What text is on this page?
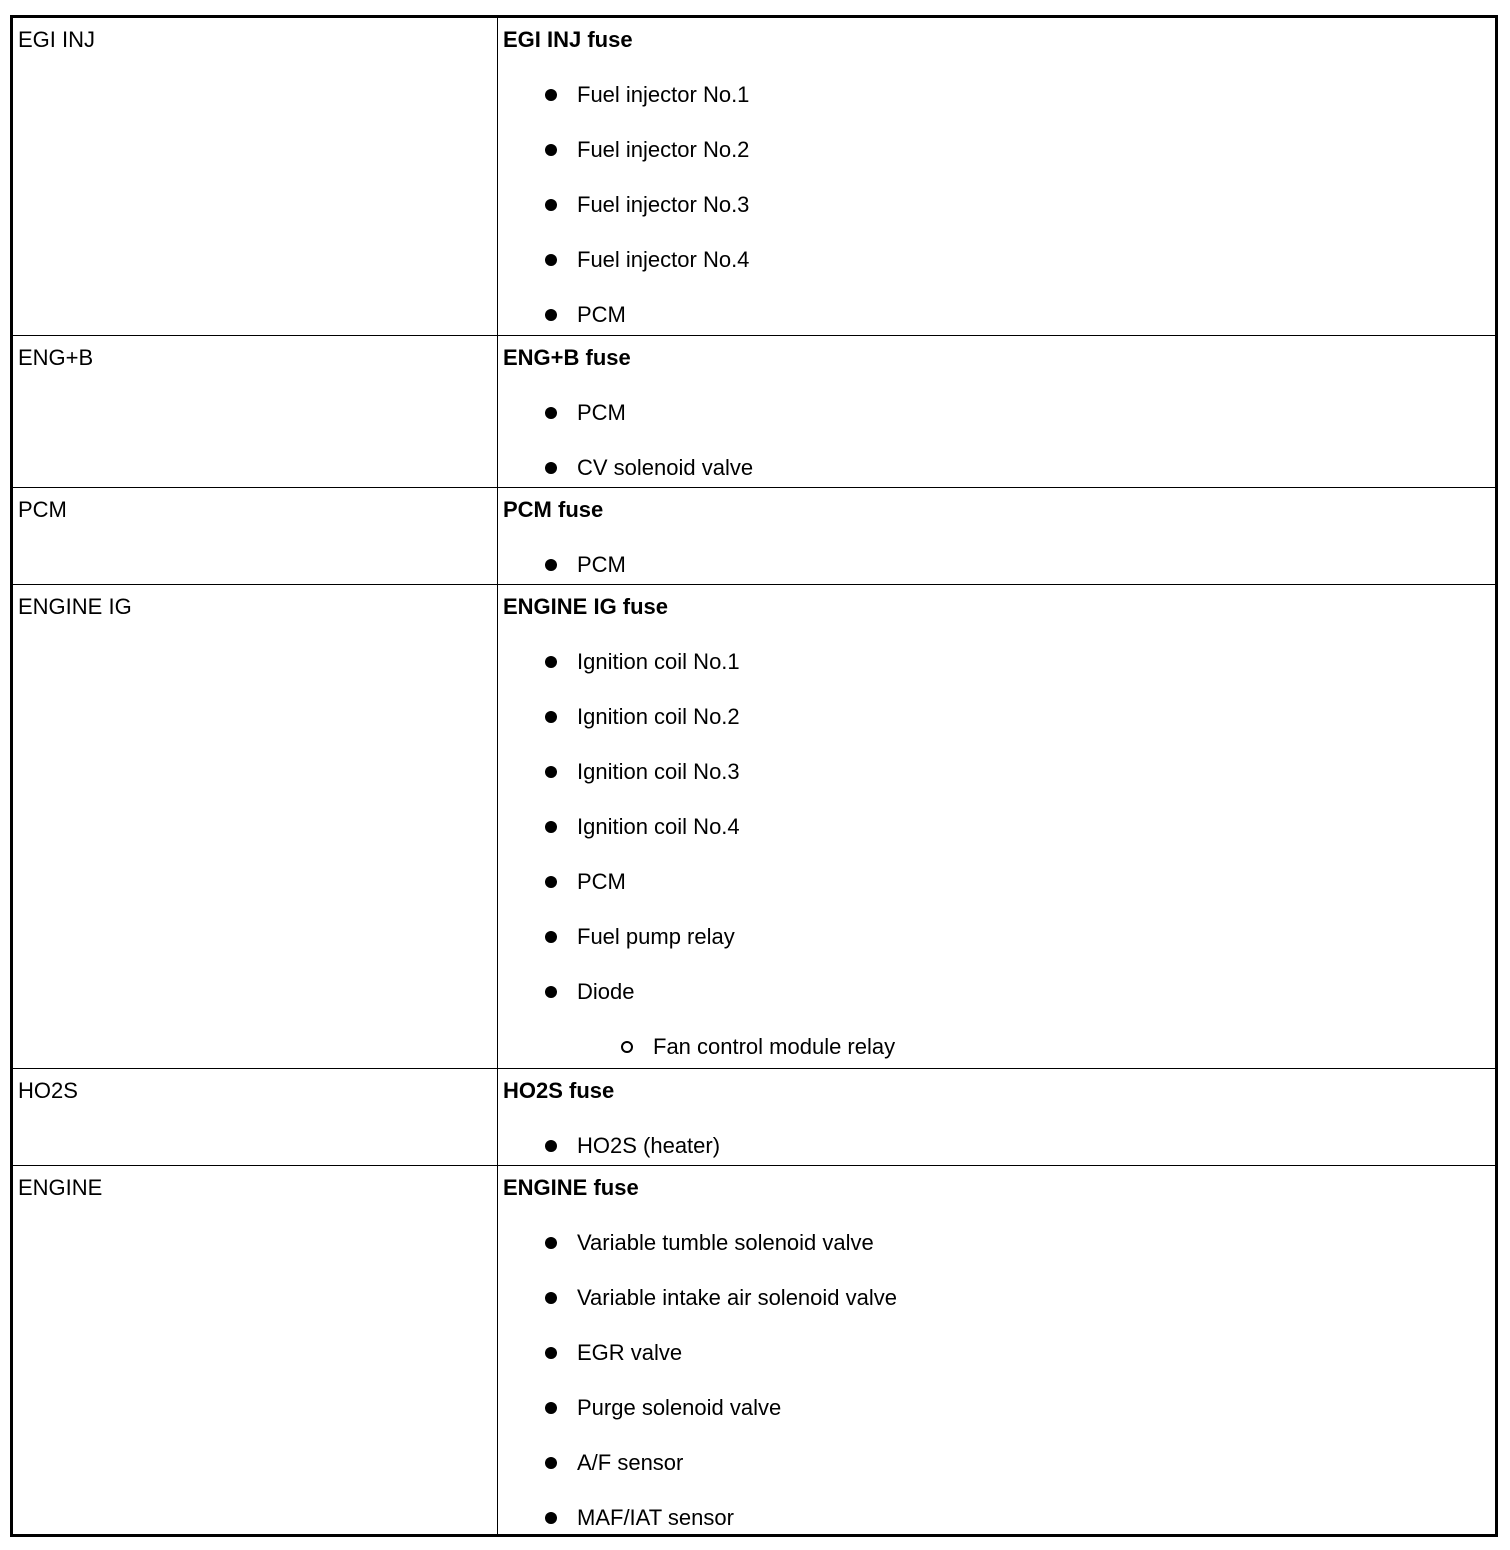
EGI INJ	EGI INJ fuse
Fuel injector No.1
Fuel injector No.2
Fuel injector No.3
Fuel injector No.4
PCM
ENG+B	ENG+B fuse
PCM
CV solenoid valve
PCM	PCM fuse
PCM
ENGINE IG	ENGINE IG fuse
Ignition coil No.1
Ignition coil No.2
Ignition coil No.3
Ignition coil No.4
PCM
Fuel pump relay
Diode
Fan control module relay
HO2S	HO2S fuse
HO2S (heater)
ENGINE	ENGINE fuse
Variable tumble solenoid valve
Variable intake air solenoid valve
EGR valve
Purge solenoid valve
A/F sensor
MAF/IAT sensor
